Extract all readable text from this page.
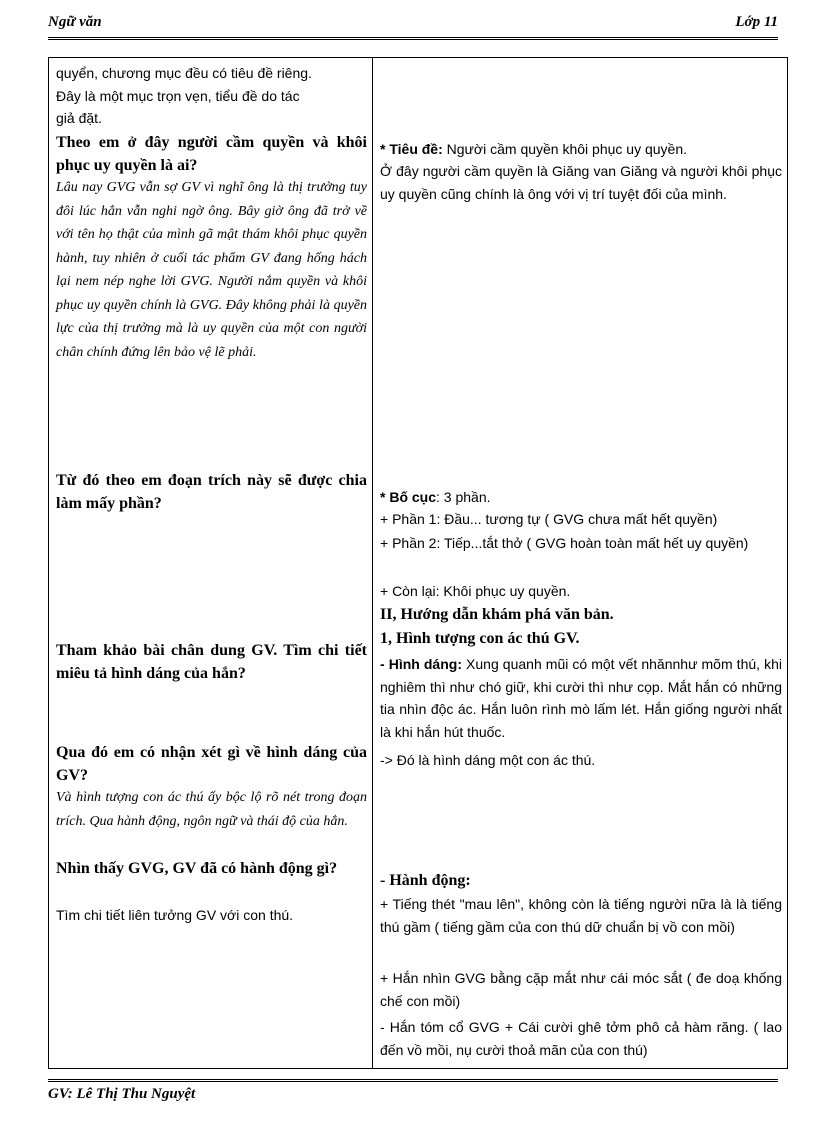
Ngữ văn	Lớp 11

quyển, chương mục đều có tiêu đề riêng.

Đây là một mục trọn vẹn, tiểu đề do tác

giả đặt.

Theo em ở đây người cầm quyền và khôi phục uy quyền là ai?

Lâu nay GVG vẫn sợ GV vì nghĩ ông là thị trưởng tuy đôi lúc hắn vẫn nghi ngờ ông. Bây giờ ông đã trở về với tên họ thật của mình gã mật thám khôi phục quyền hành, tuy nhiên ở cuối tác phẩm GV đang hống hách lại nem nép nghe lời GVG. Người nắm quyền và khôi phục uy quyền chính là GVG. Đây không phải là quyền lực của thị trưởng mà là uy quyền của một con người chân chính đứng lên bảo vệ lẽ phải.

Từ đó theo em đoạn trích này sẽ được chia làm mấy phần?

Tham khảo bài chân dung GV. Tìm chi tiết miêu tả hình dáng của hắn?

Qua đó em có nhận xét gì về hình dáng của GV?

Và hình tượng con ác thú ấy bộc lộ rõ nét trong đoạn trích. Qua hành động, ngôn ngữ và thái độ của hắn.

Nhìn thấy GVG, GV đã có hành động gì?

Tìm chi tiết liên tưởng GV với con thú.

* Tiêu đề: Người cầm quyền khôi phục uy quyền.

Ở đây người cầm quyền là Giăng van Giăng và người khôi phục uy quyền cũng chính là ông với vị trí tuyệt đối của mình.

* Bố cục: 3 phần.

+ Phần 1: Đầu... tương tự ( GVG chưa mất hết quyền)

+ Phần 2: Tiếp...tắt thở ( GVG hoàn toàn mất hết uy quyền)

+ Còn lại: Khôi phục uy quyền.

II, Hướng dẫn khám phá văn bản.

1, Hình tượng con ác thú GV.

- Hình dáng: Xung quanh mũi có một vết nhănnhư mõm thú, khi nghiêm thì như chó giữ, khi cười thì như cọp. Mắt hắn có những tia nhìn độc ác. Hắn luôn rình mò lấm lét. Hắn giống người nhất là khi hắn hút thuốc.

-> Đó là hình dáng một con ác thú.

- Hành động:

+ Tiếng thét "mau lên", không còn là tiếng người nữa là là tiếng thú gầm ( tiếng gầm của con thú dữ chuẩn bị vồ con mồi)

+ Hắn nhìn GVG bằng cặp mắt như cái móc sắt ( đe doạ khống chế con mồi)

- Hắn tóm cổ GVG + Cái cười ghê tởm phô cả hàm răng. ( lao đến vồ mồi, nụ cười thoả mãn của con thú)

GV: Lê Thị Thu Nguyệt
